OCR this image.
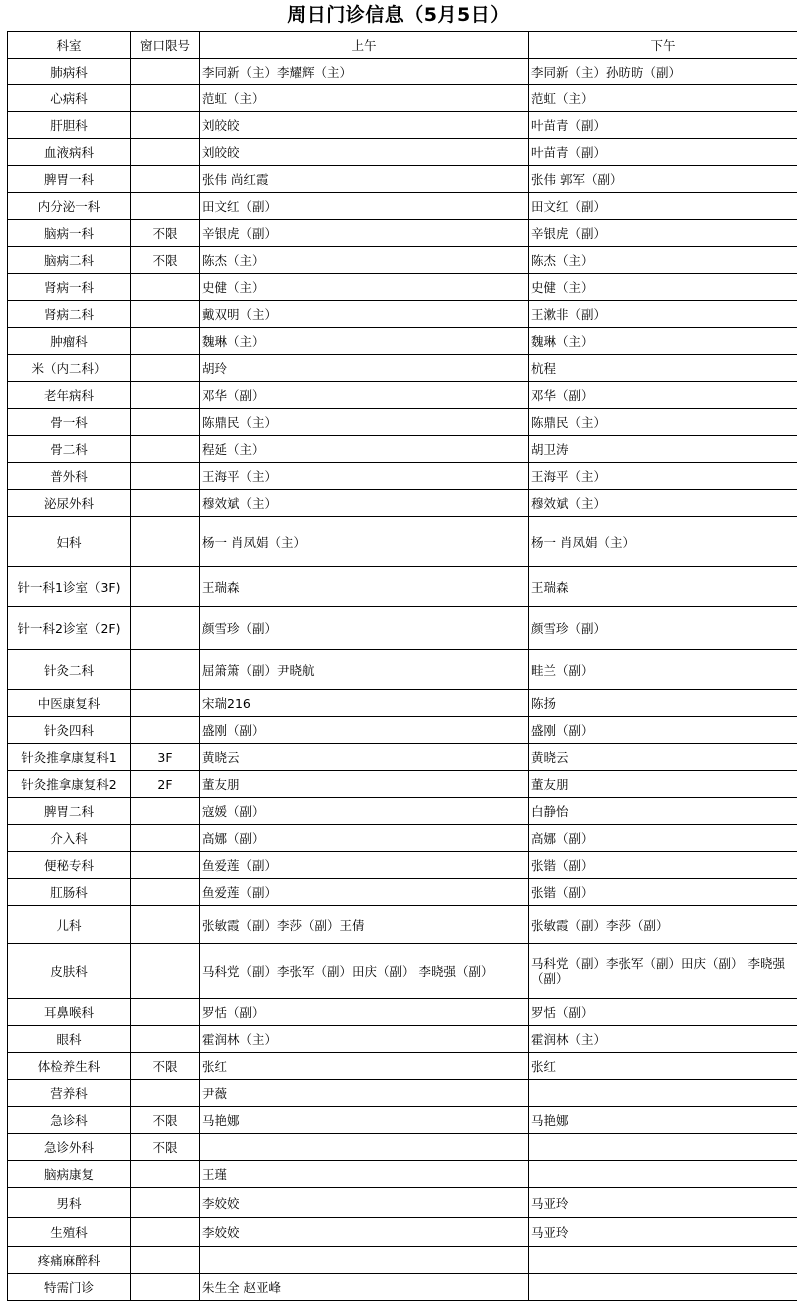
周日门诊信息（5月5日）
科室	窗口限号	上午	下午
肺病科		李同新（主）李耀辉（主）	李同新（主）孙昉昉（副）
心病科		范虹（主）	范虹（主）
肝胆科		刘皎皎	叶苗青（副）
血液病科		刘皎皎	叶苗青（副）
脾胃一科		张伟 尚红霞	张伟 郭军（副）
内分泌一科		田文红（副）	田文红（副）
脑病一科	不限	辛银虎（副）	辛银虎（副）
脑病二科	不限	陈杰（主）	陈杰（主）
肾病一科		史健（主）	史健（主）
肾病二科		戴双明（主）	王漱非（副）
肿瘤科		魏琳（主）	魏琳（主）
米（内二科）		胡玲	杭程
老年病科		邓华（副）	邓华（副）
骨一科		陈鼎民（主）	陈鼎民（主）
骨二科		程延（主）	胡卫涛
普外科		王海平（主）	王海平（主）
泌尿外科		穆效斌（主）	穆效斌（主）
妇科		杨一 肖凤娟（主）	杨一 肖凤娟（主）
针一科1诊室（3F)		王瑞森	王瑞森
针一科2诊室（2F)		颜雪珍（副）	颜雪珍（副）
针灸二科		屈箫箫（副）尹晓航	畦兰（副）
中医康复科		宋瑞216	陈扬
针灸四科		盛刚（副）	盛刚（副）
针灸推拿康复科1	3F	黄晓云	黄晓云
针灸推拿康复科2	2F	董友朋	董友朋
脾胃二科		寇媛（副）	白静怡
介入科		高娜（副）	高娜（副）
便秘专科		鱼爱莲（副）	张锴（副）
肛肠科		鱼爱莲（副）	张锴（副）
儿科		张敏霞（副）李莎（副）王倩	张敏霞（副）李莎（副）
皮肤科		马科党（副）李张军（副）田庆（副） 李晓强（副）	马科党（副）李张军（副）田庆（副） 李晓强（副）
耳鼻喉科		罗恬（副）	罗恬（副）
眼科		霍润林（主）	霍润林（主）
体检养生科	不限	张红	张红
营养科		尹薇	
急诊科	不限	马艳娜	马艳娜
急诊外科	不限		
脑病康复		王瑾	
男科		李姣姣	马亚玲
生殖科		李姣姣	马亚玲
疼痛麻醉科			
特需门诊		朱生全 赵亚峰	
